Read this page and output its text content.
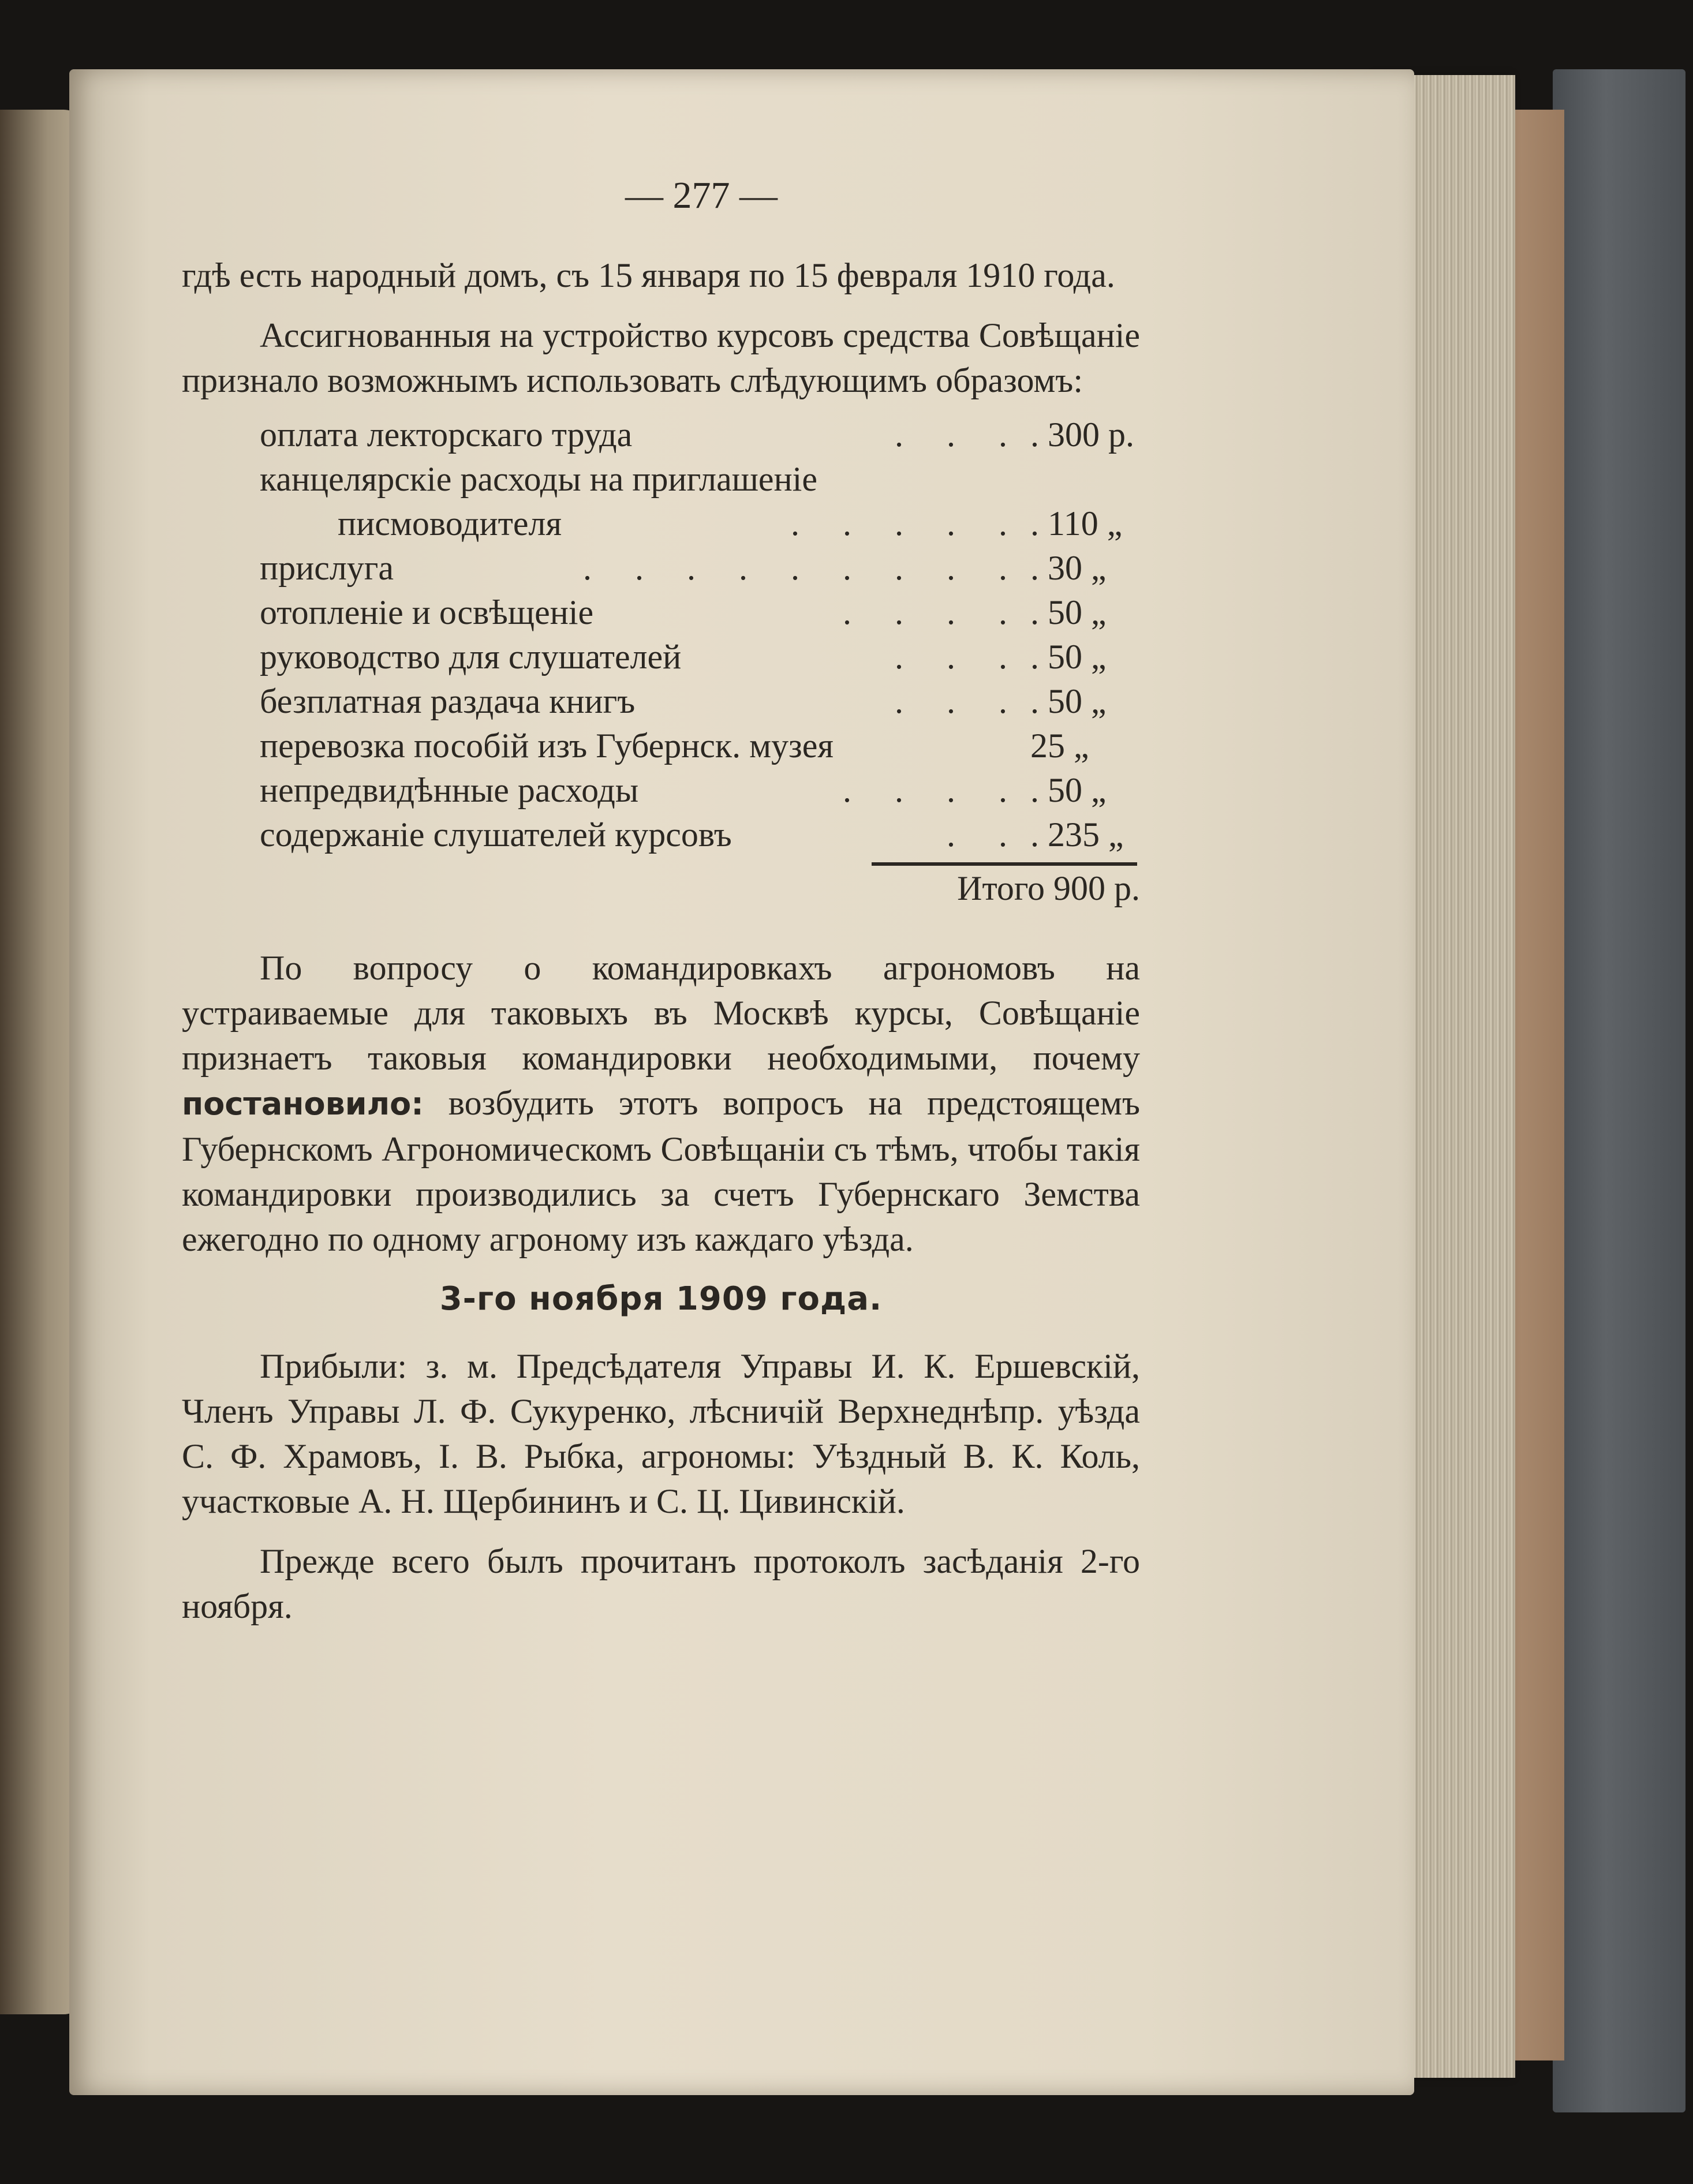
— 277 —

гдѣ есть народный домъ, съ 15 января по 15 февраля 1910 года.

Ассигнованныя на устройство курсовъ средства Совѣщаніе признало возможнымъ использовать слѣдующимъ образомъ:

оплата лекторскаго труда	. . . . 300 р.
канцелярскіе расходы на приглашеніе
писмоводителя	. . . . . . 110 „
прислуга	. . . . . . . . . . 30 „
отопленіе и освѣщеніе	. . . . . 50 „
руководство для слушателей	. . . . 50 „
безплатная раздача книгъ	. . . . 50 „
перевозка пособій изъ Губернск. музея	25 „
непредвидѣнные расходы	. . . . . 50 „
содержаніе слушателей курсовъ	. . . 235 „
Итого 900 р.

По вопросу о командировкахъ агрономовъ на устраиваемые для таковыхъ въ Москвѣ курсы, Совѣщаніе признаетъ таковыя командировки необходимыми, почему постановило: возбудить этотъ вопросъ на предстоящемъ Губернскомъ Агрономическомъ Совѣщаніи съ тѣмъ, чтобы такія командировки производились за счетъ Губернскаго Земства ежегодно по одному агроному изъ каждаго уѣзда.

3-го ноября 1909 года.

Прибыли: з. м. Предсѣдателя Управы И. К. Ершевскій, Членъ Управы Л. Ф. Сукуренко, лѣсничій Верхнеднѣпр. уѣзда С. Ф. Храмовъ, І. В. Рыбка, агрономы: Уѣздный В. К. Коль, участковые А. Н. Щербининъ и С. Ц. Цивинскій.

Прежде всего былъ прочитанъ протоколъ засѣданія 2-го ноября.
